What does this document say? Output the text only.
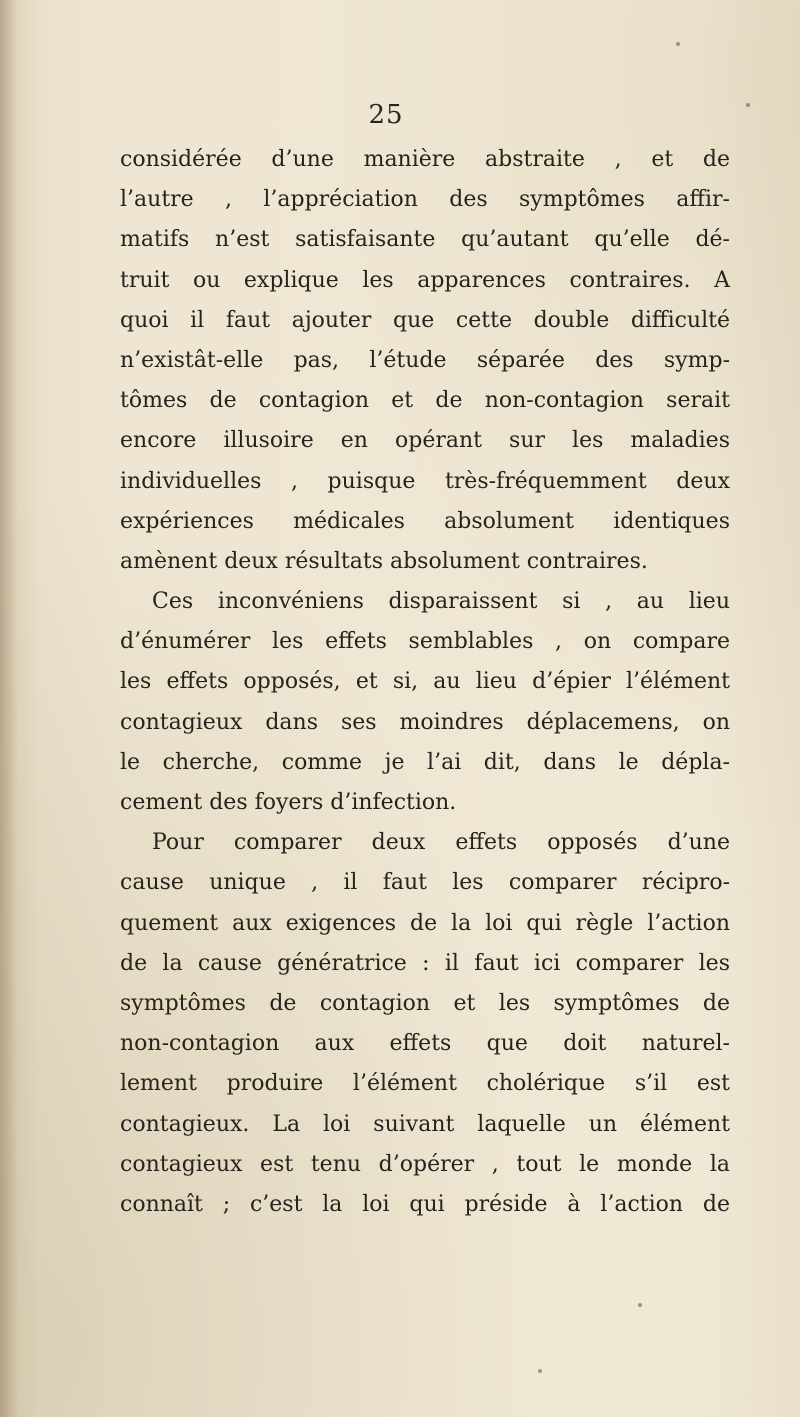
25
considérée d’une manière abstraite , et de
l’autre , l’appréciation des symptômes affir-
matifs n’est satisfaisante qu’autant qu’elle dé-
truit ou explique les apparences contraires. A
quoi il faut ajouter que cette double difficulté
n’existât-elle pas, l’étude séparée des symp-
tômes de contagion et de non-contagion serait
encore illusoire en opérant sur les maladies
individuelles , puisque très-fréquemment deux
expériences médicales absolument identiques
amènent deux résultats absolument contraires.
Ces inconvéniens disparaissent si , au lieu
d’énumérer les effets semblables , on compare
les effets opposés, et si, au lieu d’épier l’élément
contagieux dans ses moindres déplacemens, on
le cherche, comme je l’ai dit, dans le dépla-
cement des foyers d’infection.
Pour comparer deux effets opposés d’une
cause unique , il faut les comparer récipro-
quement aux exigences de la loi qui règle l’action
de la cause génératrice : il faut ici comparer les
symptômes de contagion et les symptômes de
non-contagion aux effets que doit naturel-
lement produire l’élément cholérique s’il est
contagieux. La loi suivant laquelle un élément
contagieux est tenu d’opérer , tout le monde la
connaît ; c’est la loi qui préside à l’action de
